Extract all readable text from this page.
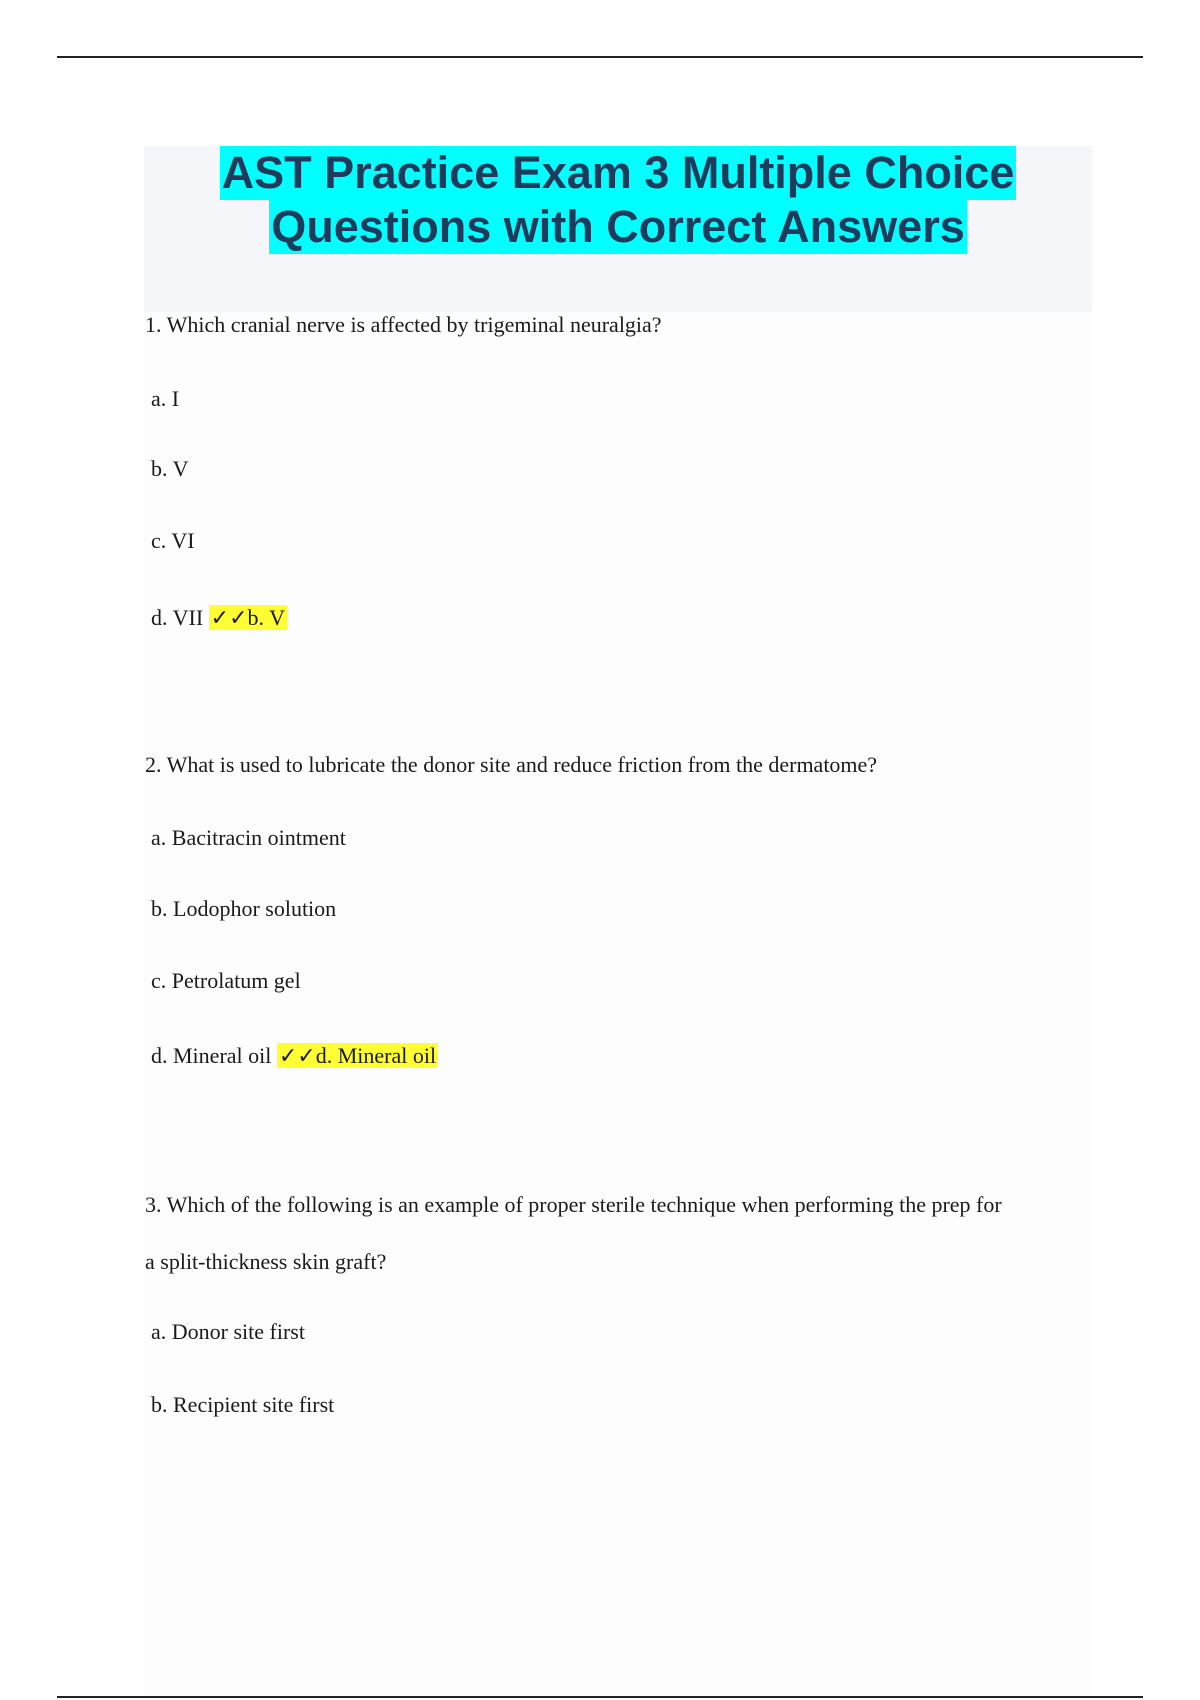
AST Practice Exam 3 Multiple Choice
Questions with Correct Answers
1. Which cranial nerve is affected by trigeminal neuralgia?
a. I
b. V
c. VI
d. VII ✓✓b. V
2. What is used to lubricate the donor site and reduce friction from the dermatome?
a. Bacitracin ointment
b. Lodophor solution
c. Petrolatum gel
d. Mineral oil ✓✓d. Mineral oil
3. Which of the following is an example of proper sterile technique when performing the prep for
a split-thickness skin graft?
a. Donor site first
b. Recipient site first
